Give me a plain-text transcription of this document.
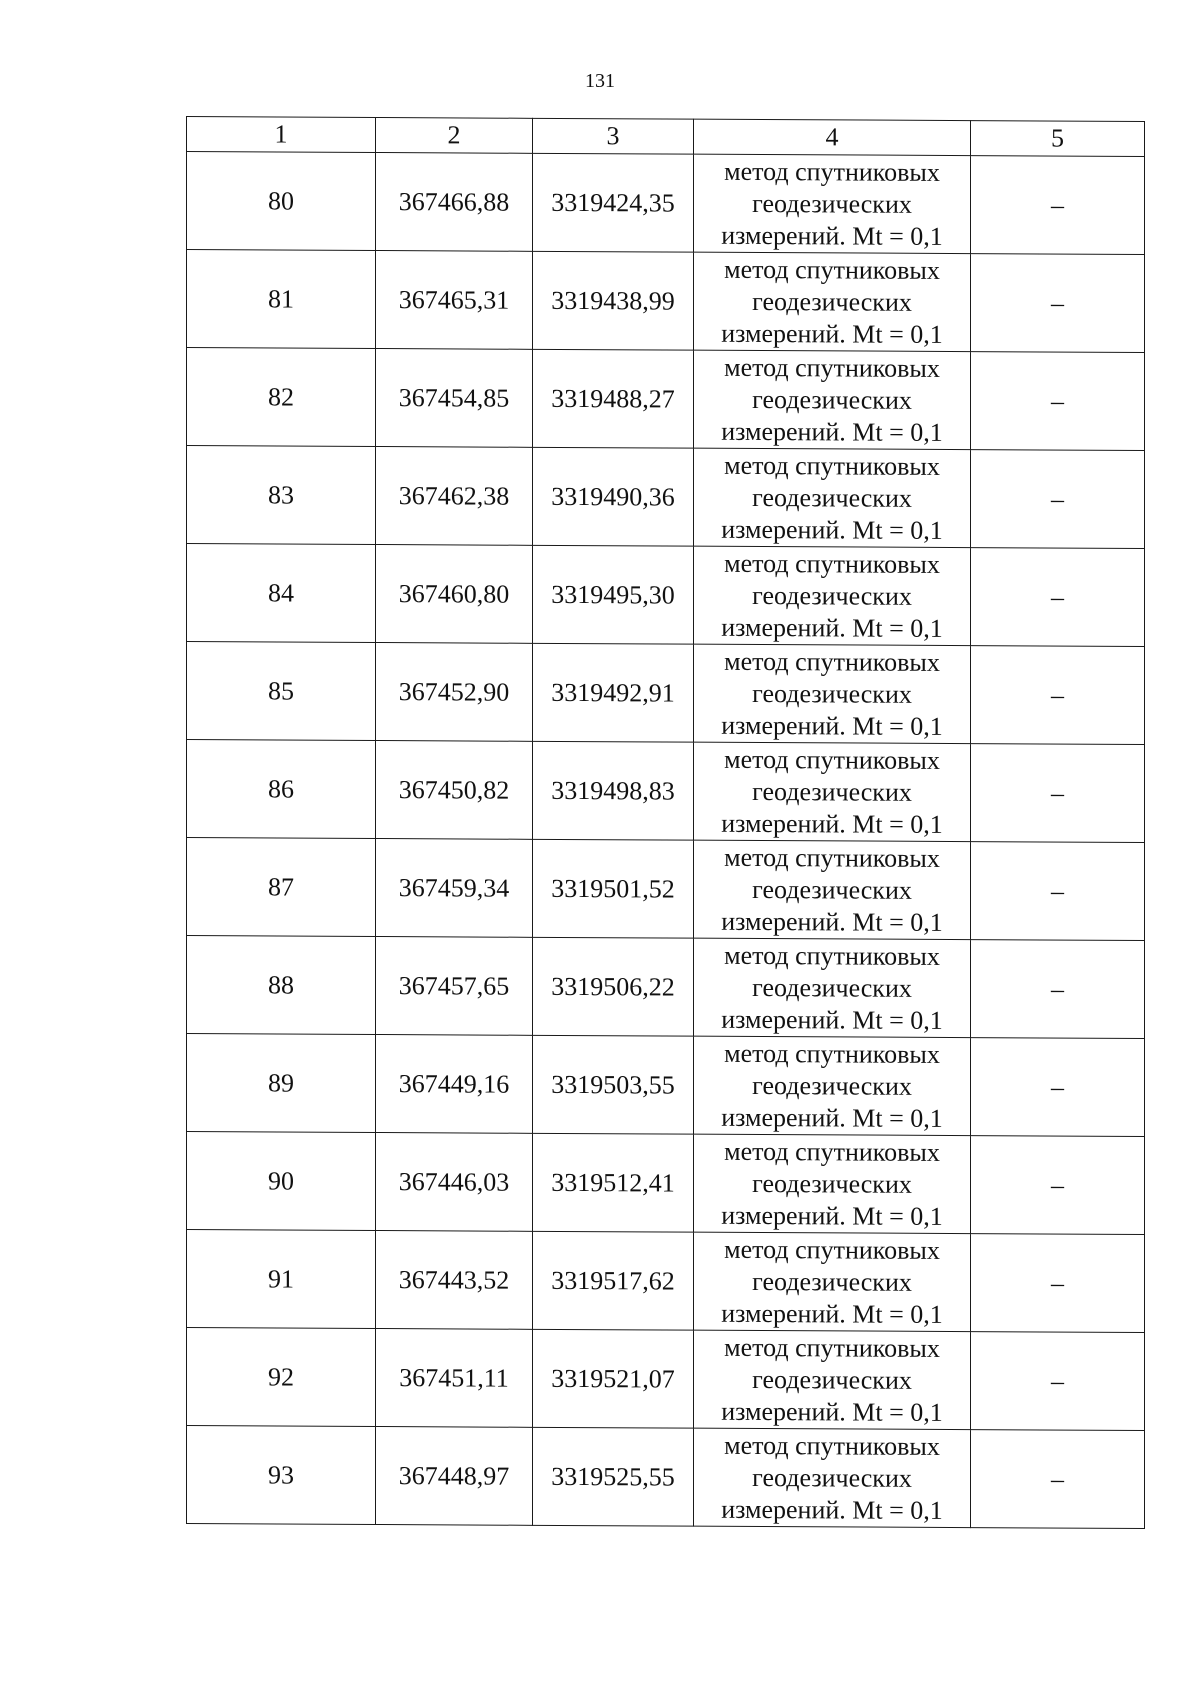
131
1	2	3	4	5
80	367466,88	3319424,35	метод спутниковых
геодезических
измерений. Mt = 0,1	–
81	367465,31	3319438,99	метод спутниковых
геодезических
измерений. Mt = 0,1	–
82	367454,85	3319488,27	метод спутниковых
геодезических
измерений. Mt = 0,1	–
83	367462,38	3319490,36	метод спутниковых
геодезических
измерений. Mt = 0,1	–
84	367460,80	3319495,30	метод спутниковых
геодезических
измерений. Mt = 0,1	–
85	367452,90	3319492,91	метод спутниковых
геодезических
измерений. Mt = 0,1	–
86	367450,82	3319498,83	метод спутниковых
геодезических
измерений. Mt = 0,1	–
87	367459,34	3319501,52	метод спутниковых
геодезических
измерений. Mt = 0,1	–
88	367457,65	3319506,22	метод спутниковых
геодезических
измерений. Mt = 0,1	–
89	367449,16	3319503,55	метод спутниковых
геодезических
измерений. Mt = 0,1	–
90	367446,03	3319512,41	метод спутниковых
геодезических
измерений. Mt = 0,1	–
91	367443,52	3319517,62	метод спутниковых
геодезических
измерений. Mt = 0,1	–
92	367451,11	3319521,07	метод спутниковых
геодезических
измерений. Mt = 0,1	–
93	367448,97	3319525,55	метод спутниковых
геодезических
измерений. Mt = 0,1	–
